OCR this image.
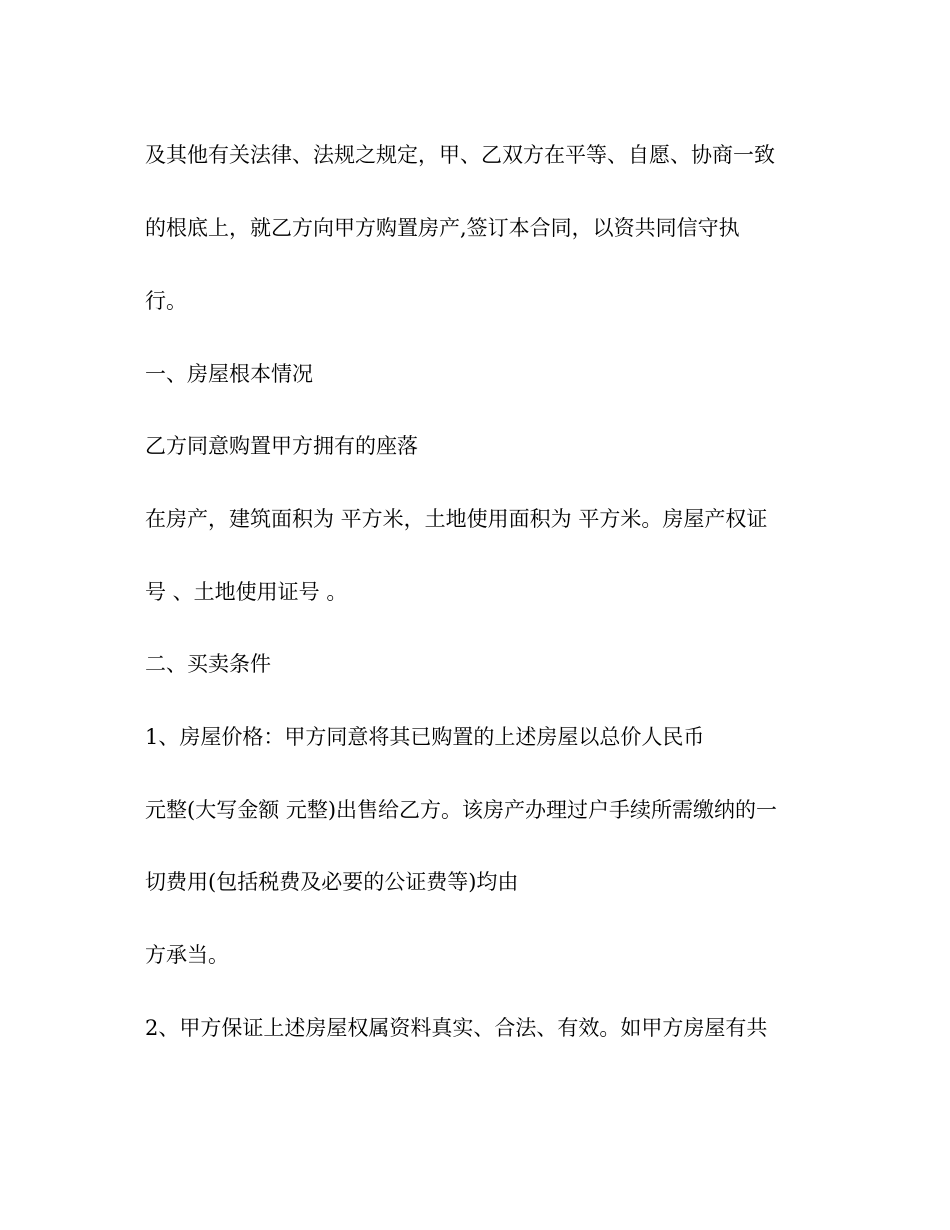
及其他有关法律、法规之规定，甲、乙双方在平等、自愿、协商一致
的根底上，就乙方向甲方购置房产,签订本合同，以资共同信守执
行。
一、房屋根本情况
乙方同意购置甲方拥有的座落
在房产，建筑面积为 平方米，土地使用面积为 平方米。房屋产权证
号 、土地使用证号 。
二、买卖条件
1、房屋价格：甲方同意将其已购置的上述房屋以总价人民币
元整(大写金额 元整)出售给乙方。该房产办理过户手续所需缴纳的一
切费用(包括税费及必要的公证费等)均由
方承当。
2、甲方保证上述房屋权属资料真实、合法、有效。如甲方房屋有共
